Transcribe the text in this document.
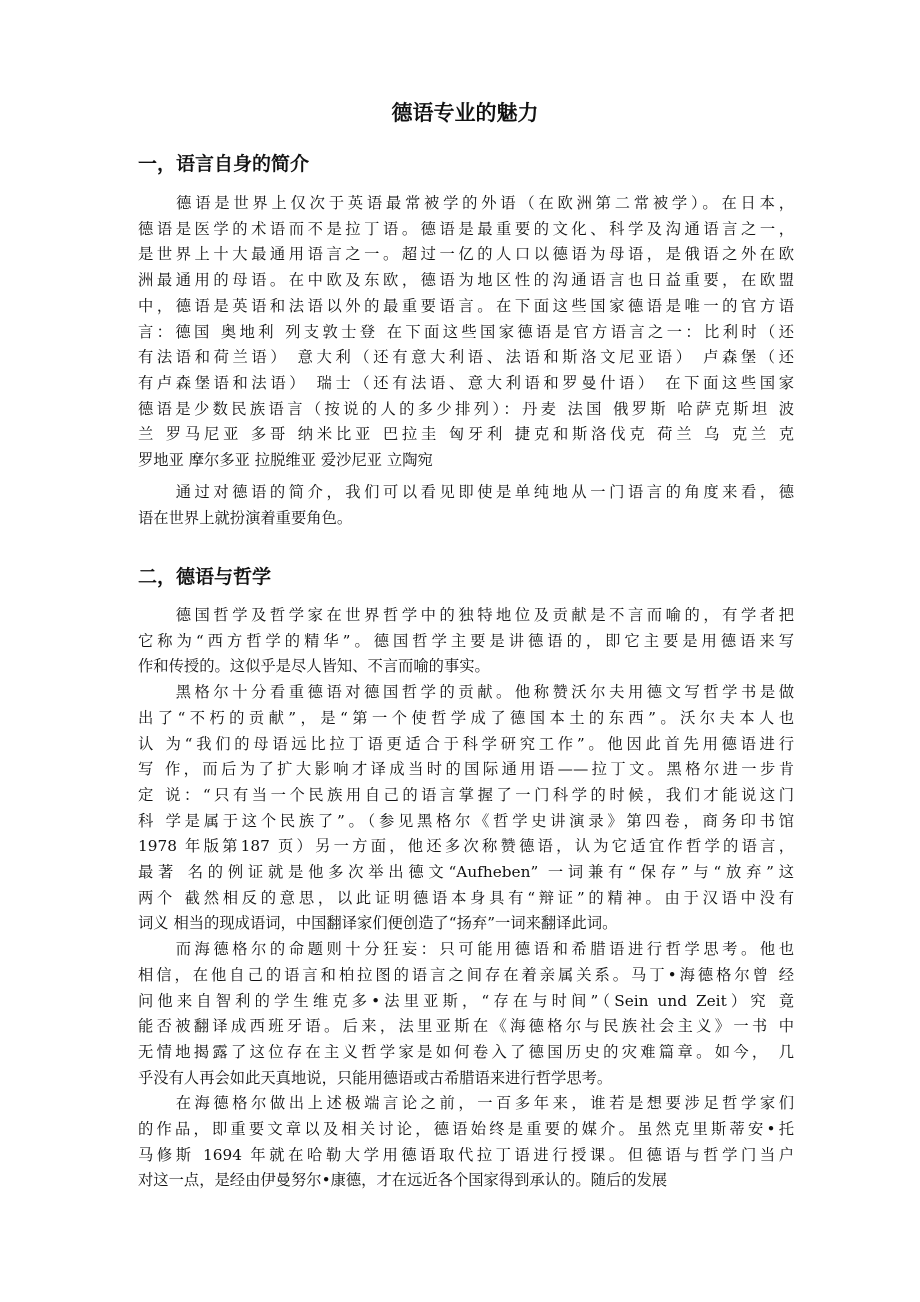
德语专业的魅力
一，语言自身的简介
　　德语是世界上仅次于英语最常被学的外语（在欧洲第二常被学）。在日本，
德语是医学的术语而不是拉丁语。德语是最重要的文化、科学及沟通语言之一，
是世界上十大最通用语言之一。超过一亿的人口以德语为母语，是俄语之外在欧
洲最通用的母语。在中欧及东欧，德语为地区性的沟通语言也日益重要，在欧盟
中，德语是英语和法语以外的最重要语言。在下面这些国家德语是唯一的官方语
言：德国 奥地利 列支敦士登 在下面这些国家德语是官方语言之一：比利时（还
有法语和荷兰语） 意大利（还有意大利语、法语和斯洛文尼亚语） 卢森堡（还
有卢森堡语和法语） 瑞士（还有法语、意大利语和罗曼什语） 在下面这些国家
德语是少数民族语言（按说的人的多少排列）：丹麦 法国 俄罗斯 哈萨克斯坦 波
兰 罗马尼亚 多哥 纳米比亚 巴拉圭 匈牙利 捷克和斯洛伐克 荷兰 乌 克兰 克
罗地亚 摩尔多亚 拉脱维亚 爱沙尼亚 立陶宛
　　通过对德语的简介，我们可以看见即使是单纯地从一门语言的角度来看，德
语在世界上就扮演着重要角色。
二，德语与哲学
　　德国哲学及哲学家在世界哲学中的独特地位及贡献是不言而喻的，有学者把
它称为“西方哲学的精华”。德国哲学主要是讲德语的，即它主要是用德语来写
作和传授的。这似乎是尽人皆知、不言而喻的事实。
　　黑格尔十分看重德语对德国哲学的贡献。他称赞沃尔夫用德文写哲学书是做
出了“不朽的贡献”，是“第一个使哲学成了德国本土的东西”。沃尔夫本人也
认 为“我们的母语远比拉丁语更适合于科学研究工作”。他因此首先用德语进行
写 作，而后为了扩大影响才译成当时的国际通用语——拉丁文。黑格尔进一步肯
定 说：“只有当一个民族用自己的语言掌握了一门科学的时候，我们才能说这门
科 学是属于这个民族了”。（参见黑格尔《哲学史讲演录》第四卷，商务印书馆
1978 年版第187 页）另一方面，他还多次称赞德语，认为它适宜作哲学的语言，
最著 名的例证就是他多次举出德文“Aufheben” 一词兼有“保存”与“放弃”这
两个 截然相反的意思，以此证明德语本身具有“辩证”的精神。由于汉语中没有
词义 相当的现成语词，中国翻译家们便创造了“扬弃”一词来翻译此词。
　　而海德格尔的命题则十分狂妄：只可能用德语和希腊语进行哲学思考。他也
相信，在他自己的语言和柏拉图的语言之间存在着亲属关系。马丁•海德格尔曾 经
问他来自智利的学生维克多•法里亚斯，“存在与时间”（Sein und Zeit）究 竟
能否被翻译成西班牙语。后来，法里亚斯在《海德格尔与民族社会主义》一书 中
无情地揭露了这位存在主义哲学家是如何卷入了德国历史的灾难篇章。如今， 几
乎没有人再会如此天真地说，只能用德语或古希腊语来进行哲学思考。
　　在海德格尔做出上述极端言论之前，一百多年来，谁若是想要涉足哲学家们
的作品，即重要文章以及相关讨论，德语始终是重要的媒介。虽然克里斯蒂安•托
马修斯 1694 年就在哈勒大学用德语取代拉丁语进行授课。但德语与哲学门当户
对这一点，是经由伊曼努尔•康德，才在远近各个国家得到承认的。随后的发展
